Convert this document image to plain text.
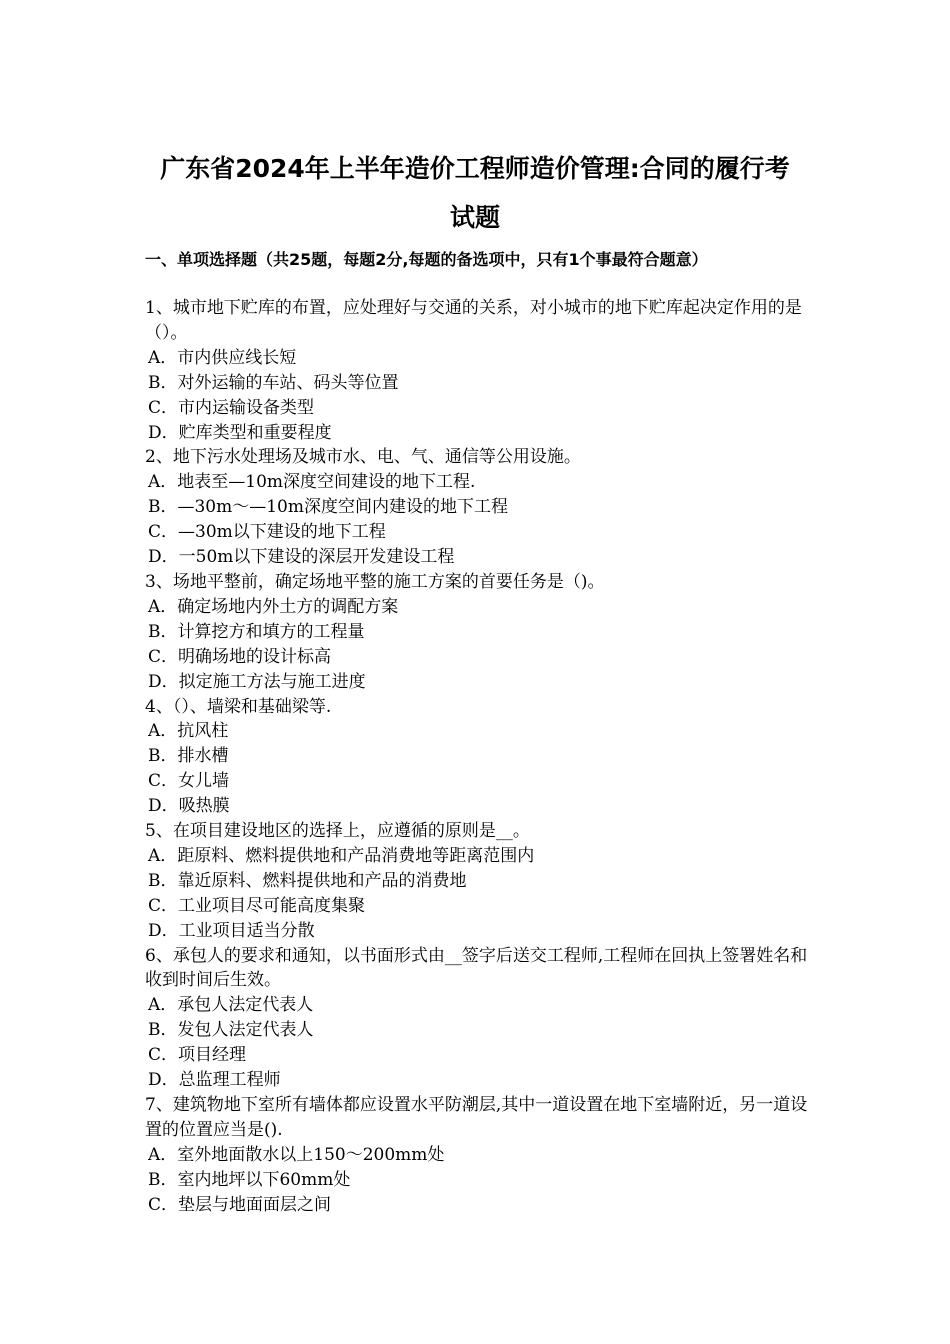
广东省2024年上半年造价工程师造价管理:合同的履行考
试题
一、单项选择题（共25题，每题2分,每题的备选项中，只有1个事最符合题意）

1、城市地下贮库的布置，应处理好与交通的关系，对小城市的地下贮库起决定作用的是（）。

A．市内供应线长短

B．对外运输的车站、码头等位置

C．市内运输设备类型

D．贮库类型和重要程度

2、地下污水处理场及城市水、电、气、通信等公用设施。

A．地表至—10m深度空间建设的地下工程.

B．—30m～—10m深度空间内建设的地下工程

C．—30m以下建设的地下工程

D．一50m以下建设的深层开发建设工程

3、场地平整前，确定场地平整的施工方案的首要任务是（)。

A．确定场地内外土方的调配方案

B．计算挖方和填方的工程量

C．明确场地的设计标高

D．拟定施工方法与施工进度

4、（）、墙梁和基础梁等.

A．抗风柱

B．排水槽

C．女儿墙

D．吸热膜

5、在项目建设地区的选择上，应遵循的原则是__。

A．距原料、燃料提供地和产品消费地等距离范围内

B．靠近原料、燃料提供地和产品的消费地

C．工业项目尽可能高度集聚

D．工业项目适当分散

6、承包人的要求和通知，以书面形式由__签字后送交工程师,工程师在回执上签署姓名和收到时间后生效。

A．承包人法定代表人

B．发包人法定代表人

C．项目经理

D．总监理工程师

7、建筑物地下室所有墙体都应设置水平防潮层,其中一道设置在地下室墙附近，另一道设置的位置应当是().

A．室外地面散水以上150～200mm处

B．室内地坪以下60mm处

C．垫层与地面面层之间
